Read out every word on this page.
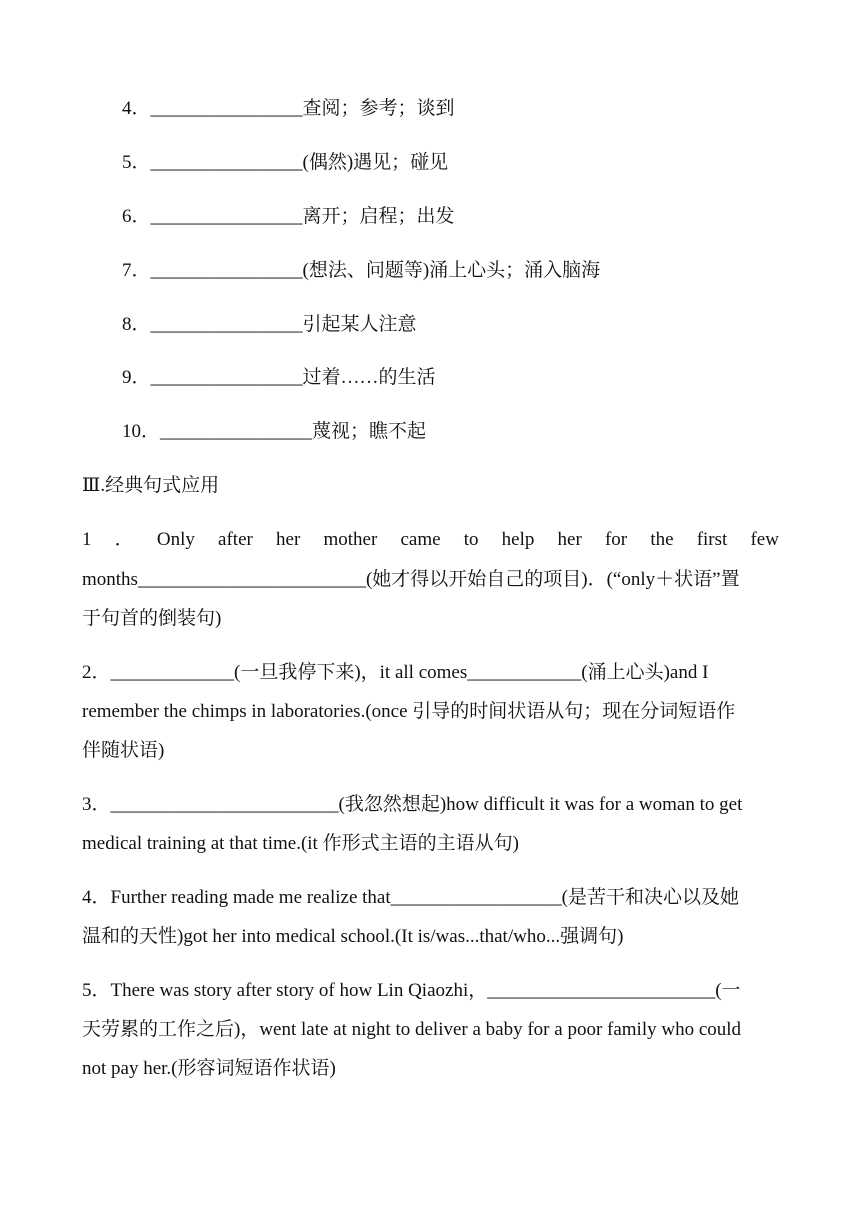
4．________________查阅；参考；谈到
5．________________(偶然)遇见；碰见
6．________________离开；启程；出发
7．________________(想法、问题等)涌上心头；涌入脑海
8．________________引起某人注意
9．________________过着……的生活
10．________________蔑视；瞧不起
Ⅲ.经典句式应用
1 ． Only after her mother came to help her for the first few
months________________________(她才得以开始自己的项目)．(“only＋状语”置
于句首的倒装句)
2．_____________(一旦我停下来)，it all comes____________(涌上心头)and I
remember the chimps in laboratories.(once 引导的时间状语从句；现在分词短语作
伴随状语)
3．________________________(我忽然想起)how difficult it was for a woman to get
medical training at that time.(it 作形式主语的主语从句)
4．Further reading made me realize that__________________(是苦干和决心以及她
温和的天性)got her into medical school.(It is/was...that/who...强调句)
5．There was story after story of how Lin Qiaozhi，________________________(一
天劳累的工作之后)，went late at night to deliver a baby for a poor family who could
not pay her.(形容词短语作状语)
